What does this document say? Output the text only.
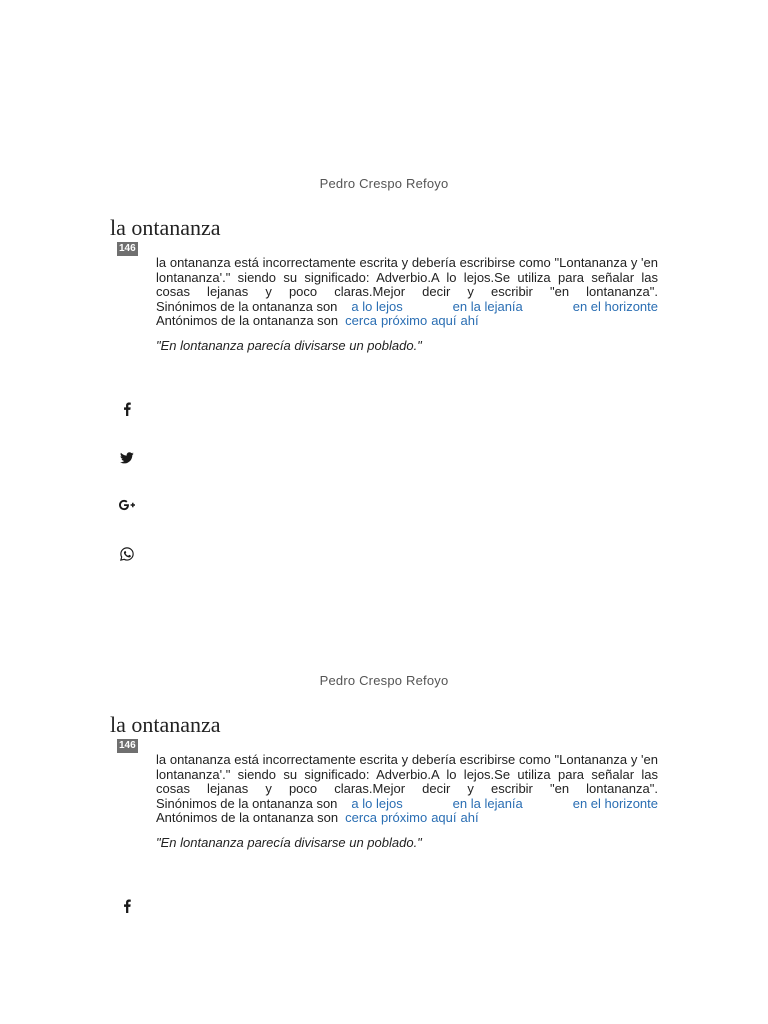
Pedro Crespo Refoyo
la ontananza
146

la ontananza está incorrectamente escrita y debería escribirse como "Lontananza y 'en lontananza'." siendo su significado: Adverbio.A lo lejos.Se utiliza para señalar las cosas lejanas y poco claras.Mejor decir y escribir "en lontananza".

Sinónimos de la ontananza son a lo lejos	en la lejanía	en el horizonte
Antónimos de la ontananza son cerca próximo aquí ahí

"En lontananza parecía divisarse un poblado."

Pedro Crespo Refoyo
la ontananza
146

la ontananza está incorrectamente escrita y debería escribirse como "Lontananza y 'en lontananza'." siendo su significado: Adverbio.A lo lejos.Se utiliza para señalar las cosas lejanas y poco claras.Mejor decir y escribir "en lontananza".

Sinónimos de la ontananza son a lo lejos	en la lejanía	en el horizonte
Antónimos de la ontananza son cerca próximo aquí ahí

"En lontananza parecía divisarse un poblado."
